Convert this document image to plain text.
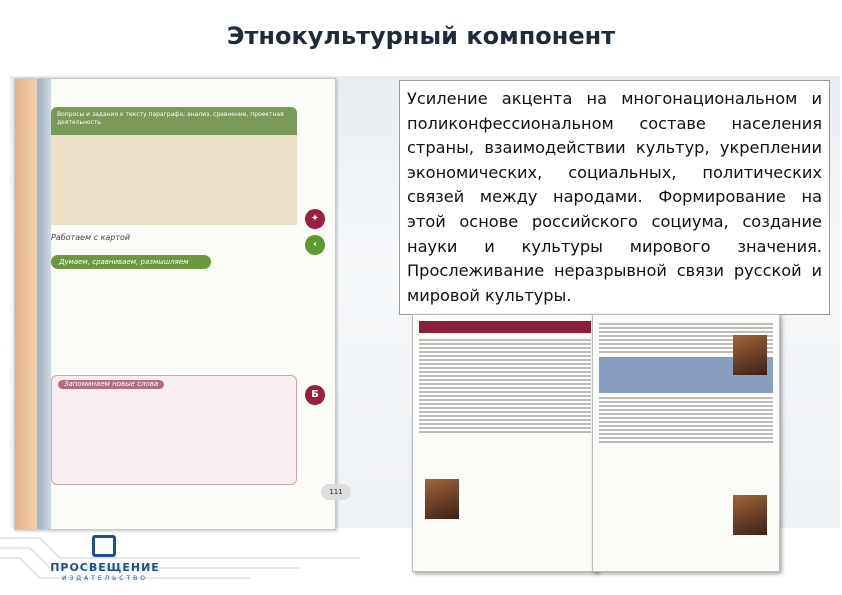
Этнокультурный компонент
Вопросы и задания к тексту параграфа; анализ, сравнение, проектная деятельность
Работаем с картой

Думаем, сравниваем, размышляем
Запоминаем новые слова
✦
‹
Б
111
Усиление акцента на многонациональном и поликонфессиональном составе населения страны, взаимодействии культур, укреплении экономических, социальных, политических связей между народами. Формирование на этой основе российского социума, создание науки и культуры мирового значения. Прослеживание неразрывной связи русской и мировой культуры.
ПРОСВЕЩЕНИЕ
ИЗДАТЕЛЬСТВО
